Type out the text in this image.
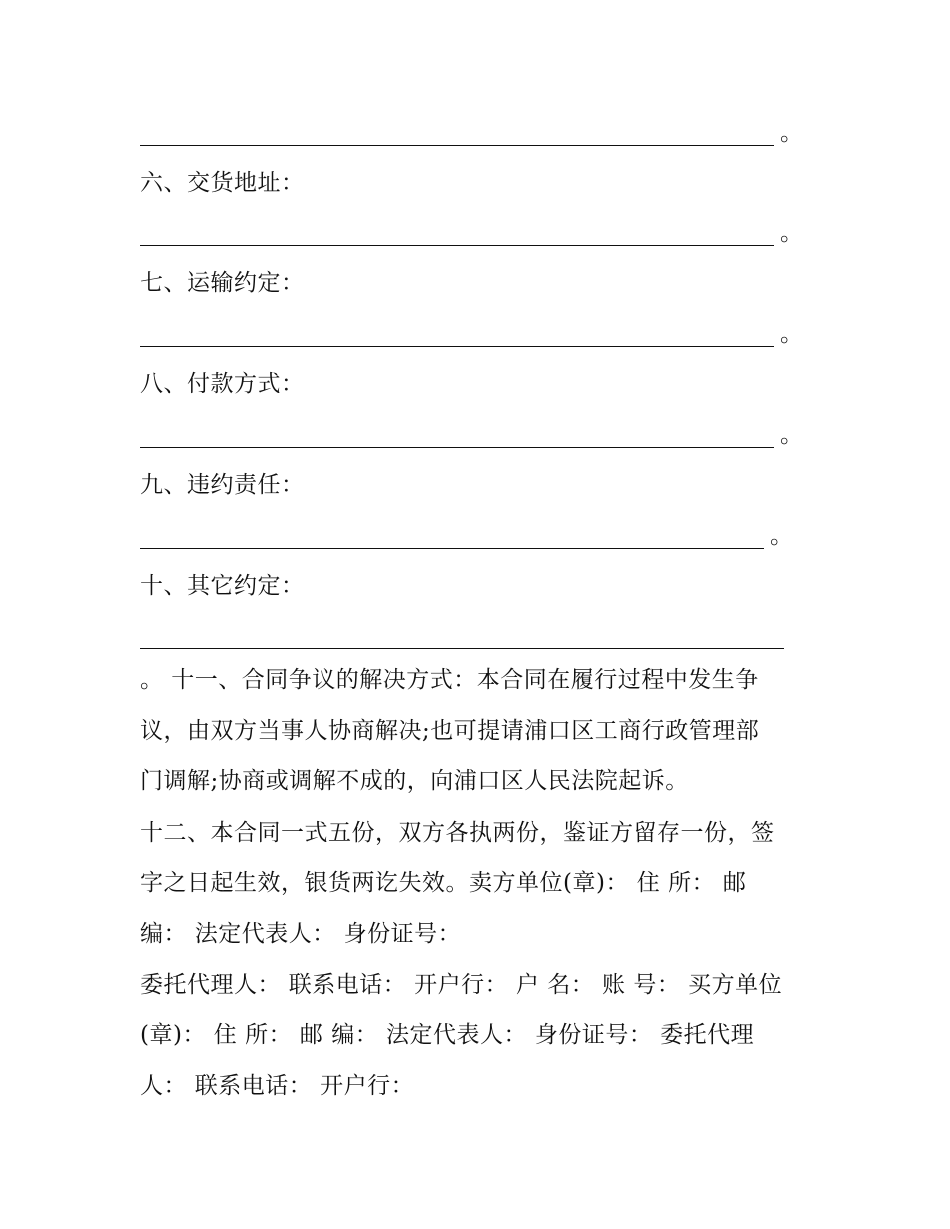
。
六、交货地址：
。
七、运输约定：
。
八、付款方式：
。
九、违约责任：
。
十、其它约定：
。 十一、合同争议的解决方式：本合同在履行过程中发生争
议，由双方当事人协商解决;也可提请浦口区工商行政管理部
门调解;协商或调解不成的，向浦口区人民法院起诉。
十二、本合同一式五份，双方各执两份，鉴证方留存一份，签
字之日起生效，银货两讫失效。卖方单位(章)： 住 所： 邮
编： 法定代表人： 身份证号：
委托代理人： 联系电话： 开户行： 户 名： 账 号： 买方单位
(章)： 住 所： 邮 编： 法定代表人： 身份证号： 委托代理
人： 联系电话： 开户行：
